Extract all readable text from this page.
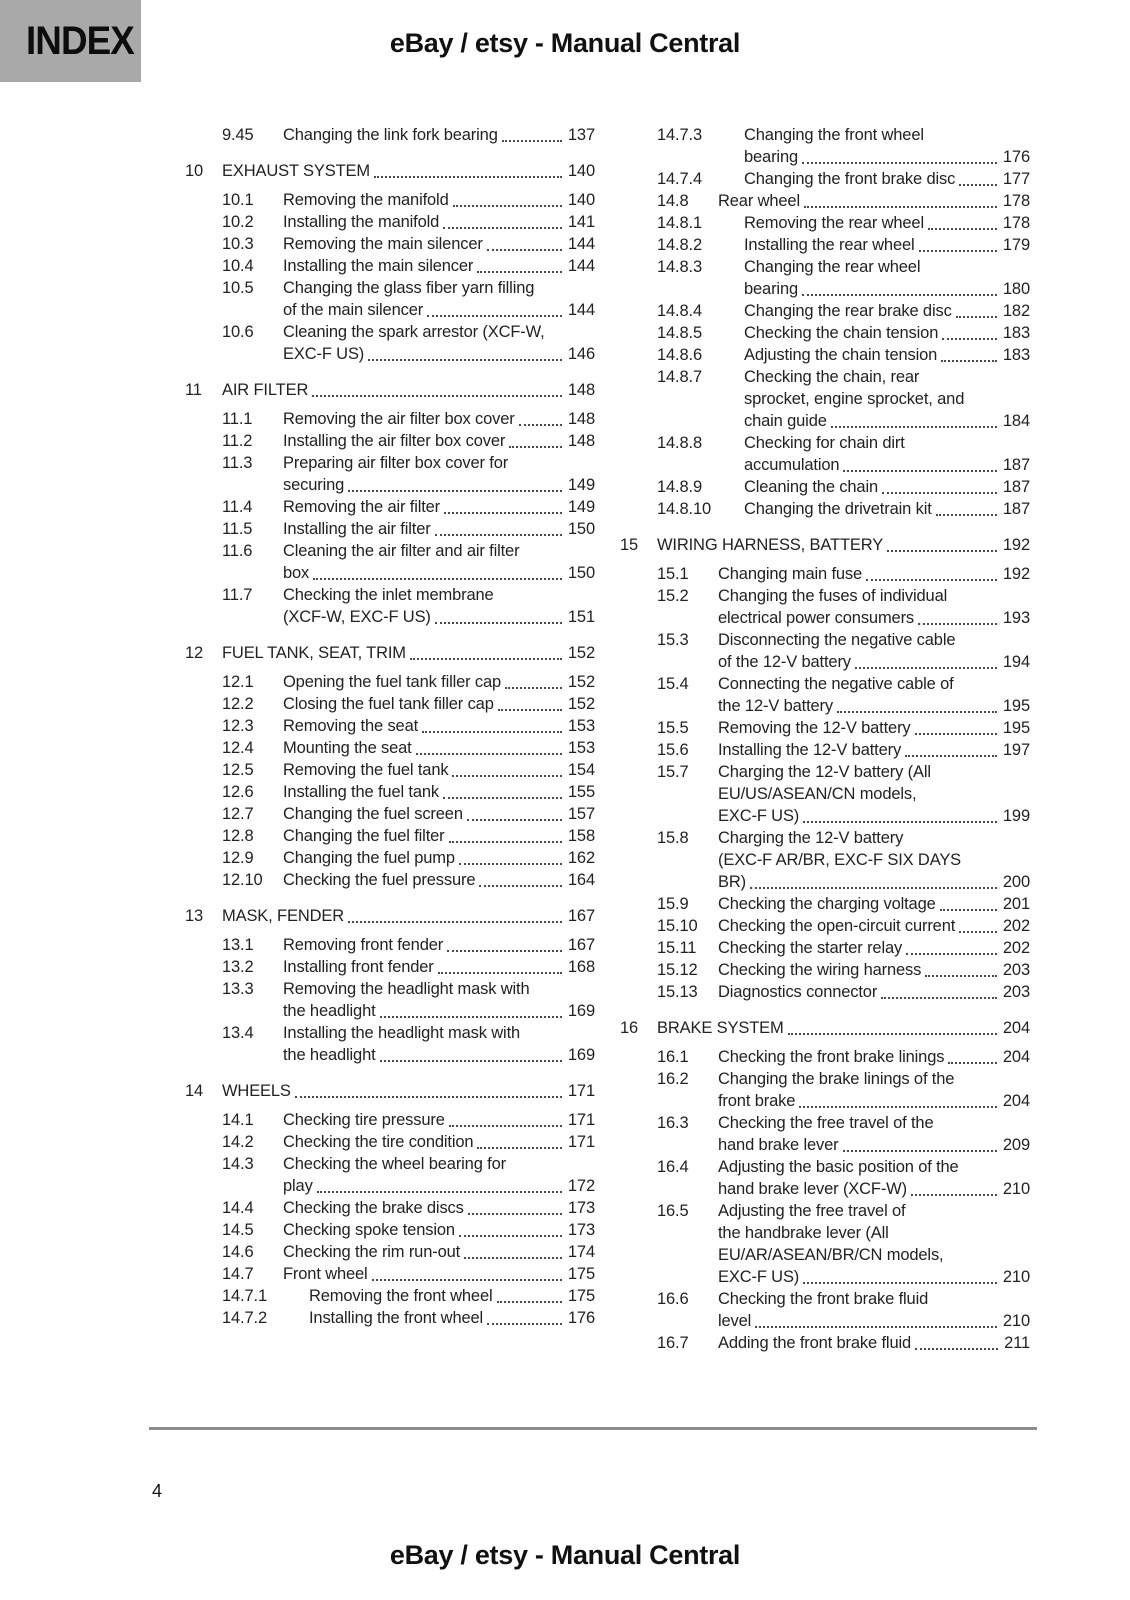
INDEX	eBay / etsy - Manual Central
9.45	Changing the link fork bearing	137
10	EXHAUST SYSTEM	140
10.1	Removing the manifold	140
10.2	Installing the manifold	141
10.3	Removing the main silencer	144
10.4	Installing the main silencer	144
10.5	Changing the glass fiber yarn filling
of the main silencer	144
10.6	Cleaning the spark arrestor (XCF-W,
EXC-F US)	146
11	AIR FILTER	148
11.1	Removing the air filter box cover	148
11.2	Installing the air filter box cover	148
11.3	Preparing air filter box cover for
securing	149
11.4	Removing the air filter	149
11.5	Installing the air filter	150
11.6	Cleaning the air filter and air filter
box	150
11.7	Checking the inlet membrane
(XCF-W, EXC-F US)	151
12	FUEL TANK, SEAT, TRIM	152
12.1	Opening the fuel tank filler cap	152
12.2	Closing the fuel tank filler cap	152
12.3	Removing the seat	153
12.4	Mounting the seat	153
12.5	Removing the fuel tank	154
12.6	Installing the fuel tank	155
12.7	Changing the fuel screen	157
12.8	Changing the fuel filter	158
12.9	Changing the fuel pump	162
12.10	Checking the fuel pressure	164
13	MASK, FENDER	167
13.1	Removing front fender	167
13.2	Installing front fender	168
13.3	Removing the headlight mask with
the headlight	169
13.4	Installing the headlight mask with
the headlight	169
14	WHEELS	171
14.1	Checking tire pressure	171
14.2	Checking the tire condition	171
14.3	Checking the wheel bearing for
play	172
14.4	Checking the brake discs	173
14.5	Checking spoke tension	173
14.6	Checking the rim run-out	174
14.7	Front wheel	175
14.7.1	Removing the front wheel	175
14.7.2	Installing the front wheel	176
14.7.3	Changing the front wheel
bearing	176
14.7.4	Changing the front brake disc	177
14.8	Rear wheel	178
14.8.1	Removing the rear wheel	178
14.8.2	Installing the rear wheel	179
14.8.3	Changing the rear wheel
bearing	180
14.8.4	Changing the rear brake disc	182
14.8.5	Checking the chain tension	183
14.8.6	Adjusting the chain tension	183
14.8.7	Checking the chain, rear
sprocket, engine sprocket, and
chain guide	184
14.8.8	Checking for chain dirt
accumulation	187
14.8.9	Cleaning the chain	187
14.8.10	Changing the drivetrain kit	187
15	WIRING HARNESS, BATTERY	192
15.1	Changing main fuse	192
15.2	Changing the fuses of individual
electrical power consumers	193
15.3	Disconnecting the negative cable
of the 12-V battery	194
15.4	Connecting the negative cable of
the 12-V battery	195
15.5	Removing the 12-V battery	195
15.6	Installing the 12-V battery	197
15.7	Charging the 12-V battery (All
EU/US/ASEAN/CN models,
EXC-F US)	199
15.8	Charging the 12-V battery
(EXC-F AR/BR, EXC-F SIX DAYS
BR)	200
15.9	Checking the charging voltage	201
15.10	Checking the open-circuit current	202
15.11	Checking the starter relay	202
15.12	Checking the wiring harness	203
15.13	Diagnostics connector	203
16	BRAKE SYSTEM	204
16.1	Checking the front brake linings	204
16.2	Changing the brake linings of the
front brake	204
16.3	Checking the free travel of the
hand brake lever	209
16.4	Adjusting the basic position of the
hand brake lever (XCF-W)	210
16.5	Adjusting the free travel of
the handbrake lever (All
EU/AR/ASEAN/BR/CN models,
EXC-F US)	210
16.6	Checking the front brake fluid
level	210
16.7	Adding the front brake fluid	211
4
eBay / etsy - Manual Central
